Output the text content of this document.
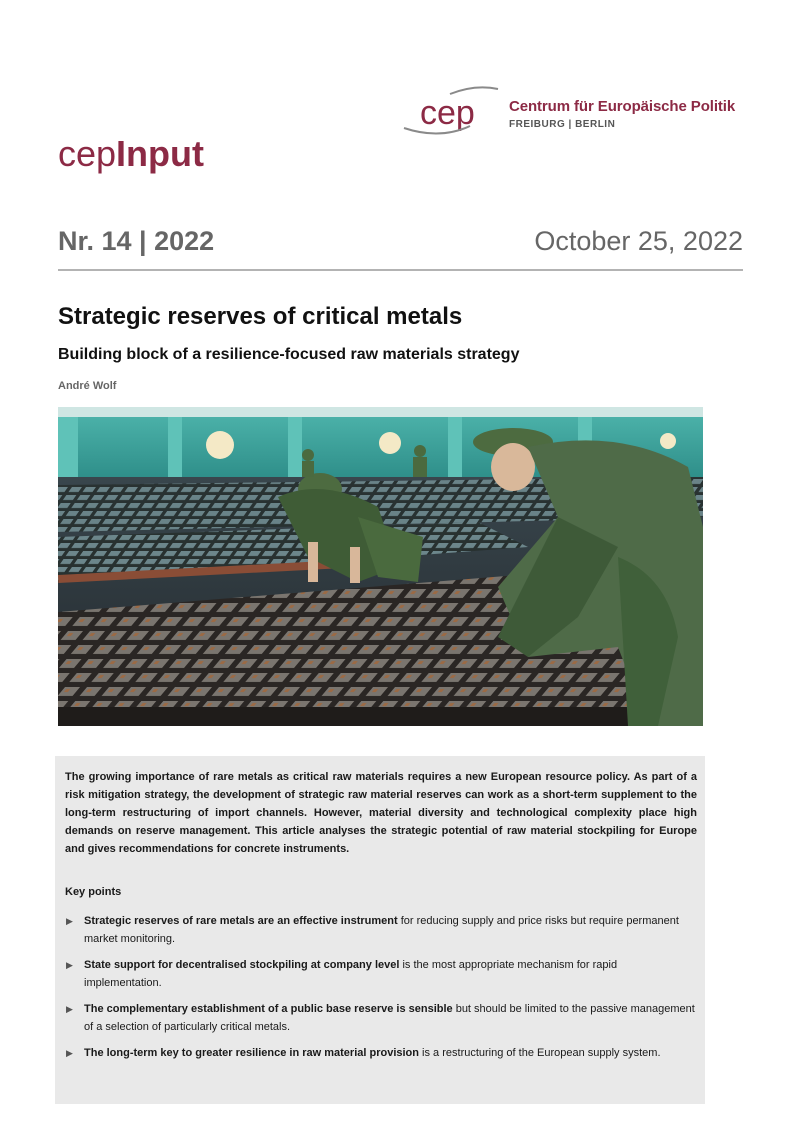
cep Centrum für Europäische Politik
FREIBURG | BERLIN
cepInput
Nr. 14 | 2022	October 25, 2022
Strategic reserves of critical metals
Building block of a resilience-focused raw materials strategy
André Wolf

The growing importance of rare metals as critical raw materials requires a new European resource policy. As part of a risk mitigation strategy, the development of strategic raw material reserves can work as a short-term supplement to the long-term restructuring of import channels. However, material diversity and technological complexity place high demands on reserve management. This article analyses the strategic potential of raw material stockpiling for Europe and gives recommendations for concrete instruments.

Key points
▶ Strategic reserves of rare metals are an effective instrument for reducing supply and price risks but require permanent market monitoring.
▶ State support for decentralised stockpiling at company level is the most appropriate mechanism for rapid implementation.
▶ The complementary establishment of a public base reserve is sensible but should be limited to the passive management of a selection of particularly critical metals.
▶ The long-term key to greater resilience in raw material provision is a restructuring of the European supply system.
